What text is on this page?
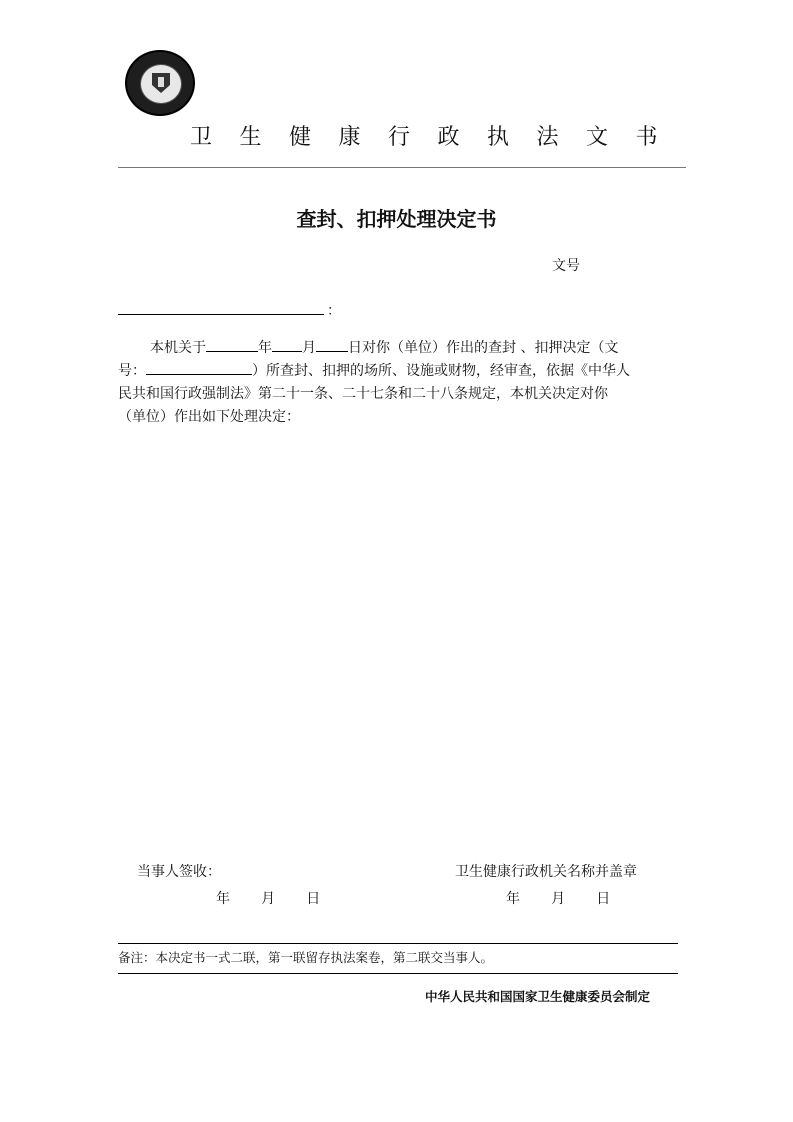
卫生健康行政执法文书
查封、扣押处理决定书
文号
：
本机关于	年 月 日对你（单位）作出的查封 、扣押决定（文
号：	）所查封、扣押的场所、设施或财物，经审查，依据《中华人
民共和国行政强制法》第二十一条、二十七条和二十八条规定，本机关决定对你
（单位）作出如下处理决定：
当事人签收：
年       月       日
卫生健康行政机关名称并盖章
年       月       日
备注：本决定书一式二联，第一联留存执法案卷，第二联交当事人。
中华人民共和国国家卫生健康委员会制定
